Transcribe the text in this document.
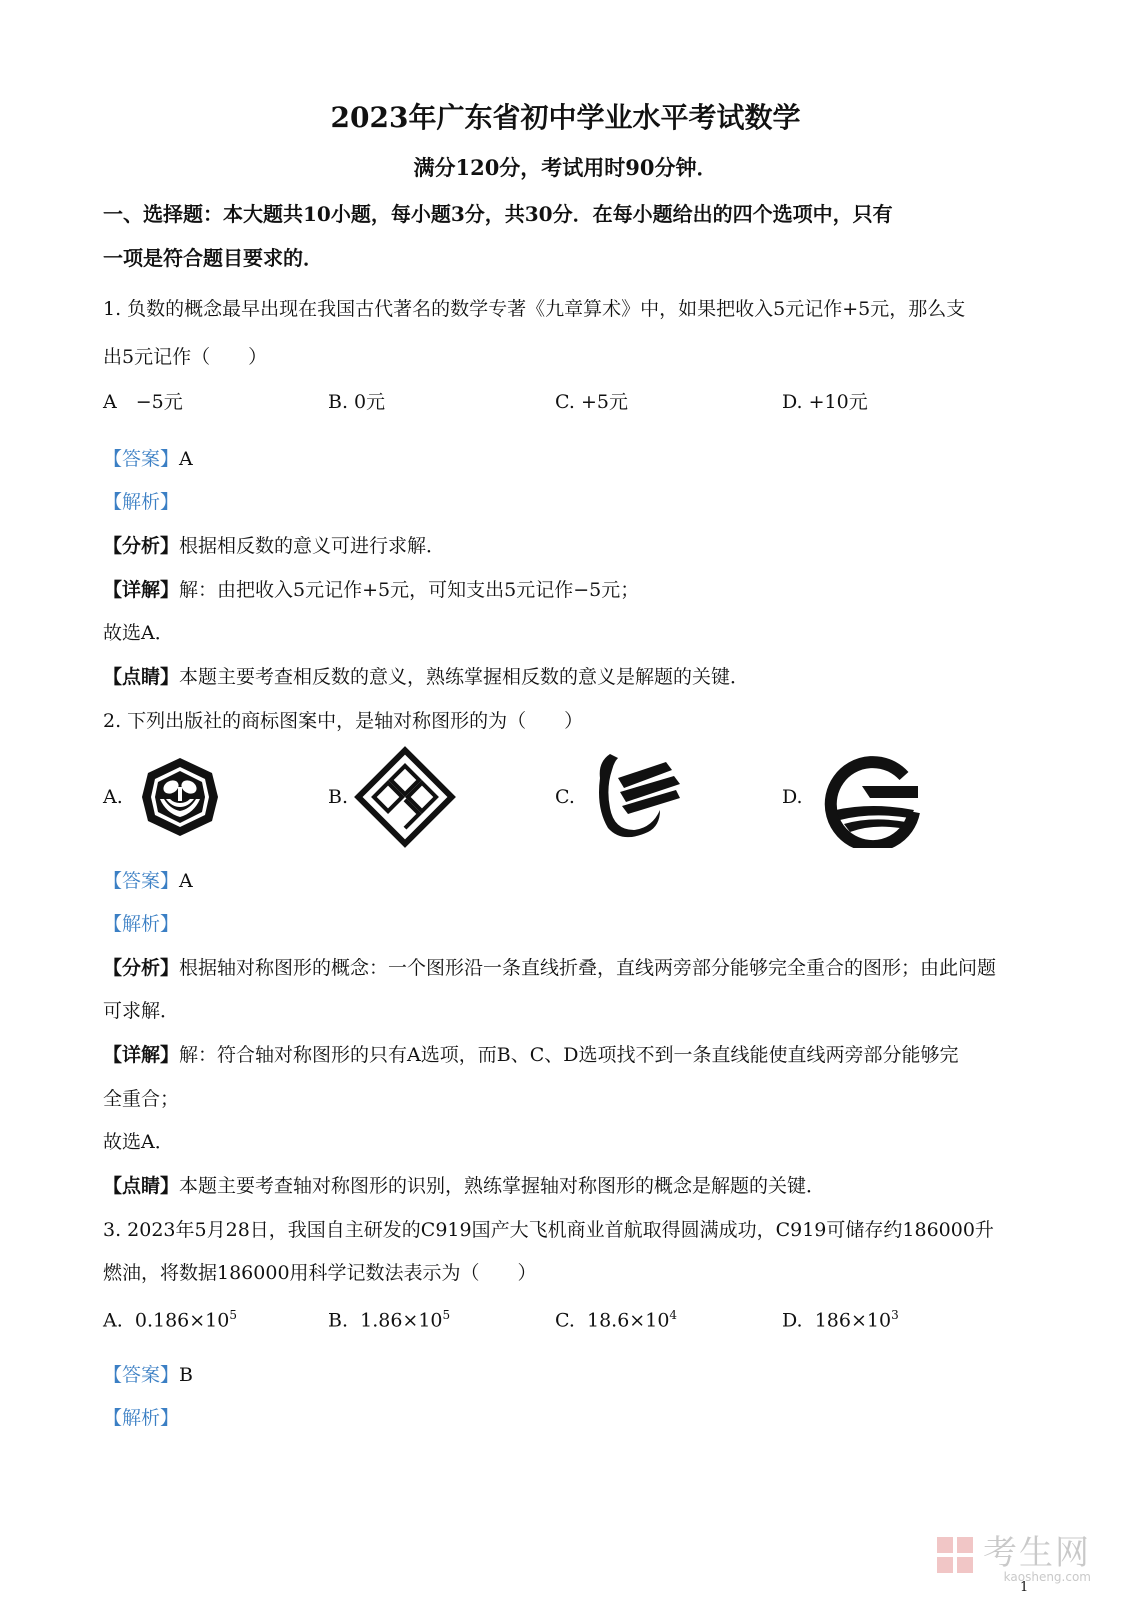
2023年广东省初中学业水平考试数学
满分120分，考试用时90分钟．
一、选择题：本大题共10小题，每小题3分，共30分．在每小题给出的四个选项中，只有
一项是符合题目要求的．
1. 负数的概念最早出现在我国古代著名的数学专著《九章算术》中，如果把收入5元记作+5元，那么支
出5元记作（　　）
A　−5元	B. 0元	C. +5元	D. +10元
【答案】A
【解析】
【分析】根据相反数的意义可进行求解．
【详解】解：由把收入5元记作+5元，可知支出5元记作−5元；
故选A．
【点睛】本题主要考查相反数的意义，熟练掌握相反数的意义是解题的关键．
2. 下列出版社的商标图案中，是轴对称图形的为（　　）
A.	B.	C.	D.
【答案】A
【解析】
【分析】根据轴对称图形的概念：一个图形沿一条直线折叠，直线两旁部分能够完全重合的图形；由此问题
可求解．
【详解】解：符合轴对称图形的只有A选项，而B、C、D选项找不到一条直线能使直线两旁部分能够完
全重合；
故选A．
【点睛】本题主要考查轴对称图形的识别，熟练掌握轴对称图形的概念是解题的关键．
3. 2023年5月28日，我国自主研发的C919国产大飞机商业首航取得圆满成功，C919可储存约186000升
燃油，将数据186000用科学记数法表示为（　　）
A. $0.186\times 10^5$	B. $1.86\times 10^5$	C. $18.6\times 10^4$	D. $186\times 10^3$
【答案】B
【解析】
考生网
kaosheng.com
1
